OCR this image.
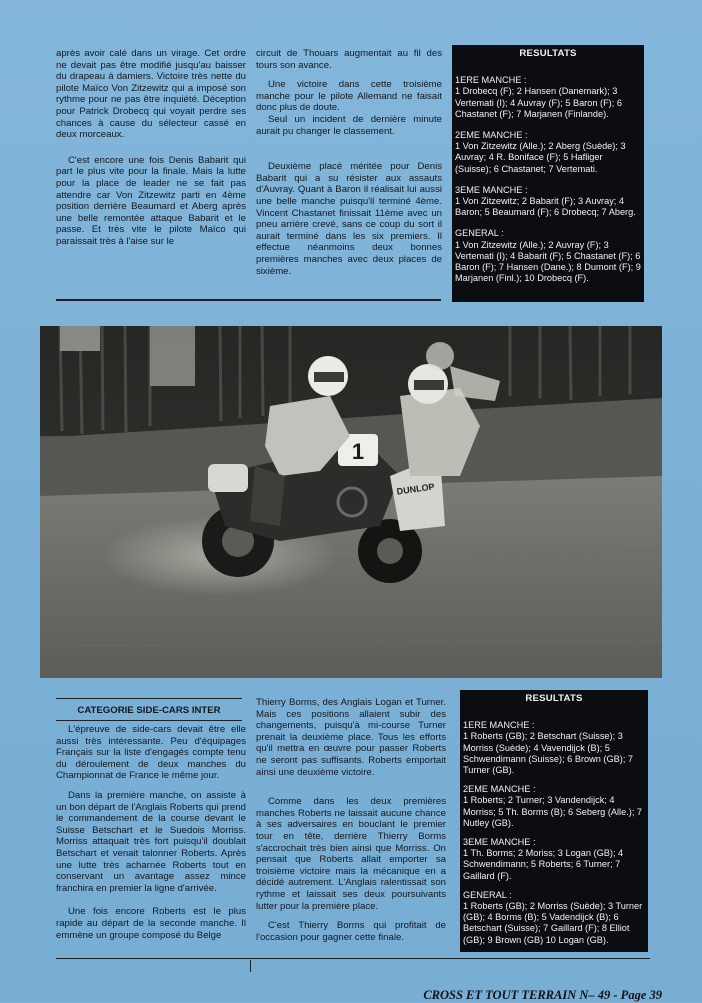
après avoir calé dans un virage. Cet ordre ne devait pas être modifié jusqu'au baisser du drapeau à damiers. Victoire très nette du pilote Maïco Von Zitzewitz qui a imposé son rythme pour ne pas être inquiété. Déception pour Patrick Drobecq qui voyait perdre ses chances à cause du sélecteur cassé en deux morceaux.

C'est encore une fois Denis Babarit qui part le plus vite pour la finale. Mais la lutte pour la place de leader ne se fait pas attendre car Von Zitzewitz parti en 4ème position derrière Beaumard et Aberg après une belle remontée attaque Babarit et le passe. Et très vite le pilote Maïco qui paraissait très à l'aise sur le

circuit de Thouars augmentait au fil des tours son avance.

Une victoire dans cette troisième manche pour le pilote Allemand ne faisait donc plus de doute.

Seul un incident de dernière minute aurait pu changer le classement.

Deuxième placé méritée pour Denis Babarit qui a su résister aux assauts d'Auvray. Quant à Baron il réalisait lui aussi une belle manche puisqu'il terminé 4ème. Vincent Chastanet finissait 11ème avec un pneu arrière crevé, sans ce coup du sort il aurait terminé dans les six premiers. Il effectue néanmoins deux bonnes premières manches avec deux places de sixième.

RESULTATS
1ERE MANCHE :
1 Drobecq (F); 2 Hansen (Danemark); 3 Vertemati (I); 4 Auvray (F); 5 Baron (F); 6 Chastanet (F); 7 Marjanen (Finlande).
2EME MANCHE :
1 Von Zitzewitz (Alle.); 2 Aberg (Suède); 3 Auvray; 4 R. Boniface (F); 5 Hafliger (Suisse); 6 Chastanet; 7 Vertemati.
3EME MANCHE :
1 Von Zitzewitz; 2 Babarit (F); 3 Auvray; 4 Baron; 5 Beaumard (F); 6 Drobecq; 7 Aberg.
GENERAL :
1 Von Zitzewitz (Alle.); 2 Auvray (F); 3 Vertemati (I); 4 Babarit (F); 5 Chastanet (F); 6 Baron (F); 7 Hansen (Dane.); 8 Dumont (F); 9 Marjanen (Finl.); 10 Drobecq (F).
1
DUNLOP
CATEGORIE SIDE-CARS INTER

L'épreuve de side-cars devait être elle aussi très intéressante. Peu d'équipages Français sur la liste d'engagés compte tenu du déroulement de deux manches du Championnat de France le même jour.

Dans la première manche, on assiste à un bon départ de l'Anglais Roberts qui prend le commandement de la course devant le Suisse Betschart et le Suedois Morriss. Morriss attaquait très fort puisqu'il doublait Betschart et venait talonner Roberts. Après une lutte très acharnée Roberts tout en conservant un avantage assez mince franchira en premier la ligne d'arrivée.

Une fois encore Roberts est le plus rapide au départ de la seconde manche. Il emmène un groupe composé du Belge

Thierry Borms, des Anglais Logan et Turner. Mais ces positions allaient subir des changements, puisqu'à mi-course Turner prenait la deuxième place. Tous les efforts qu'il mettra en œuvre pour passer Roberts ne seront pas suffisants. Roberts emportait ainsi une deuxième victoire.

Comme dans les deux premières manches Roberts ne laissait aucune chance à ses adversaires en bouclant le premier tour en tête, derrière Thierry Borms s'accrochait très bien ainsi que Morriss. On pensait que Roberts allait emporter sa troisième victoire mais la mécanique en a décidé autrement. L'Anglais ralentissait son rythme et laissait ses deux poursuivants lutter pour la première place.

C'est Thierry Borms qui profitait de l'occasion pour gagner cette finale.

RESULTATS
1ERE MANCHE :
1 Roberts (GB); 2 Betschart (Suisse); 3 Morriss (Suède); 4 Vavendijck (B); 5 Schwendimann (Suisse); 6 Brown (GB); 7 Turner (GB).
2EME MANCHE :
1 Roberts; 2 Turner; 3 Vandendijck; 4 Morriss; 5 Th. Borms (B); 6 Seberg (Alle.); 7 Nutley (GB).
3EME MANCHE :
1 Th. Borms; 2 Moriss; 3 Logan (GB); 4 Schwendimann; 5 Roberts; 6 Turner; 7 Gaillard (F).
GENERAL :
1 Roberts (GB); 2 Morriss (Suède); 3 Turner (GB); 4 Borms (B); 5 Vadendijck (B); 6 Betschart (Suisse); 7 Gaillard (F); 8 Elliot (GB); 9 Brown (GB) 10 Logan (GB).
CROSS ET TOUT TERRAIN N– 49 - Page 39
